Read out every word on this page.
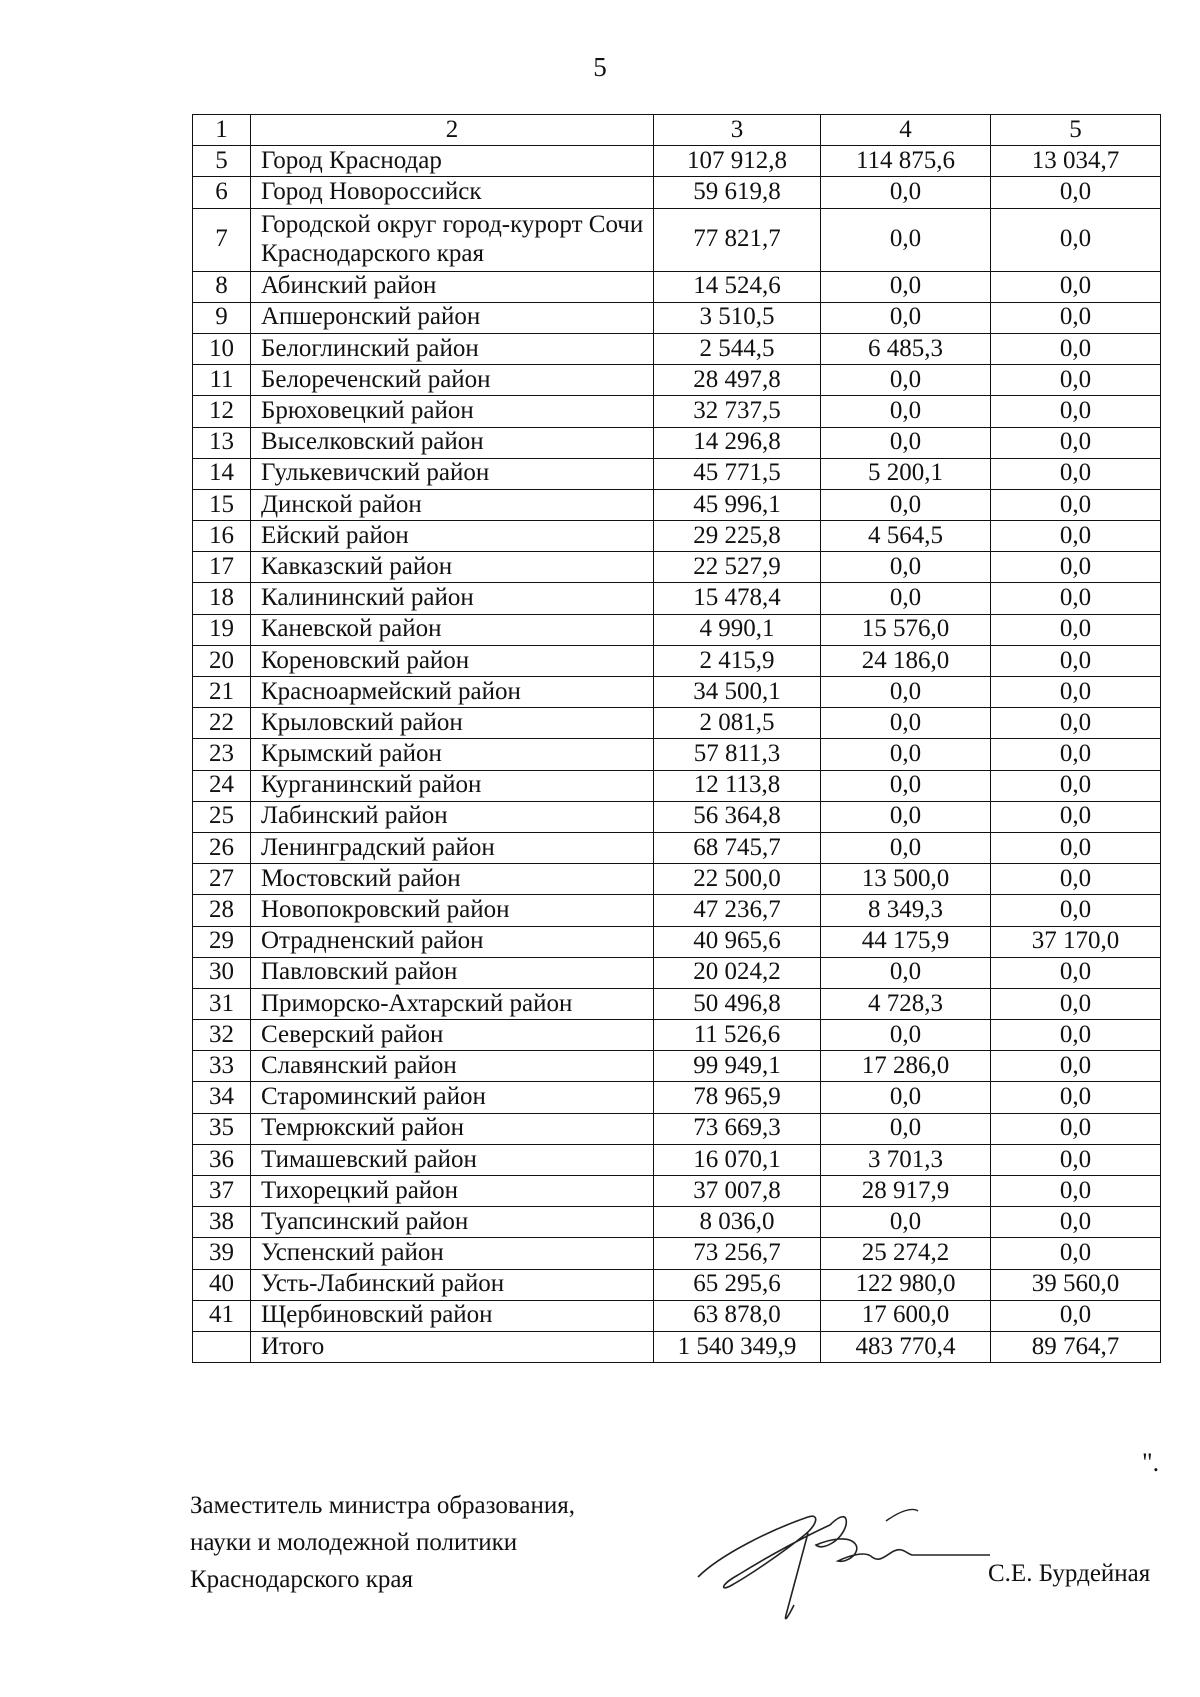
5
1	2	3	4	5
5	Город Краснодар	107 912,8	114 875,6	13 034,7
6	Город Новороссийск	59 619,8	0,0	0,0
7	Городской округ город-курорт Сочи Краснодарского края	77 821,7	0,0	0,0
8	Абинский район	14 524,6	0,0	0,0
9	Апшеронский район	3 510,5	0,0	0,0
10	Белоглинский район	2 544,5	6 485,3	0,0
11	Белореченский район	28 497,8	0,0	0,0
12	Брюховецкий район	32 737,5	0,0	0,0
13	Выселковский район	14 296,8	0,0	0,0
14	Гулькевичский район	45 771,5	5 200,1	0,0
15	Динской район	45 996,1	0,0	0,0
16	Ейский район	29 225,8	4 564,5	0,0
17	Кавказский район	22 527,9	0,0	0,0
18	Калининский район	15 478,4	0,0	0,0
19	Каневской район	4 990,1	15 576,0	0,0
20	Кореновский район	2 415,9	24 186,0	0,0
21	Красноармейский район	34 500,1	0,0	0,0
22	Крыловский район	2 081,5	0,0	0,0
23	Крымский район	57 811,3	0,0	0,0
24	Курганинский район	12 113,8	0,0	0,0
25	Лабинский район	56 364,8	0,0	0,0
26	Ленинградский район	68 745,7	0,0	0,0
27	Мостовский район	22 500,0	13 500,0	0,0
28	Новопокровский район	47 236,7	8 349,3	0,0
29	Отрадненский район	40 965,6	44 175,9	37 170,0
30	Павловский район	20 024,2	0,0	0,0
31	Приморско-Ахтарский район	50 496,8	4 728,3	0,0
32	Северский район	11 526,6	0,0	0,0
33	Славянский район	99 949,1	17 286,0	0,0
34	Староминский район	78 965,9	0,0	0,0
35	Темрюкский район	73 669,3	0,0	0,0
36	Тимашевский район	16 070,1	3 701,3	0,0
37	Тихорецкий район	37 007,8	28 917,9	0,0
38	Туапсинский район	8 036,0	0,0	0,0
39	Успенский район	73 256,7	25 274,2	0,0
40	Усть-Лабинский район	65 295,6	122 980,0	39 560,0
41	Щербиновский район	63 878,0	17 600,0	0,0
	Итого	1 540 349,9	483 770,4	89 764,7
".
Заместитель министра образования,
науки и молодежной политики
Краснодарского края	С.Е. Бурдейная
